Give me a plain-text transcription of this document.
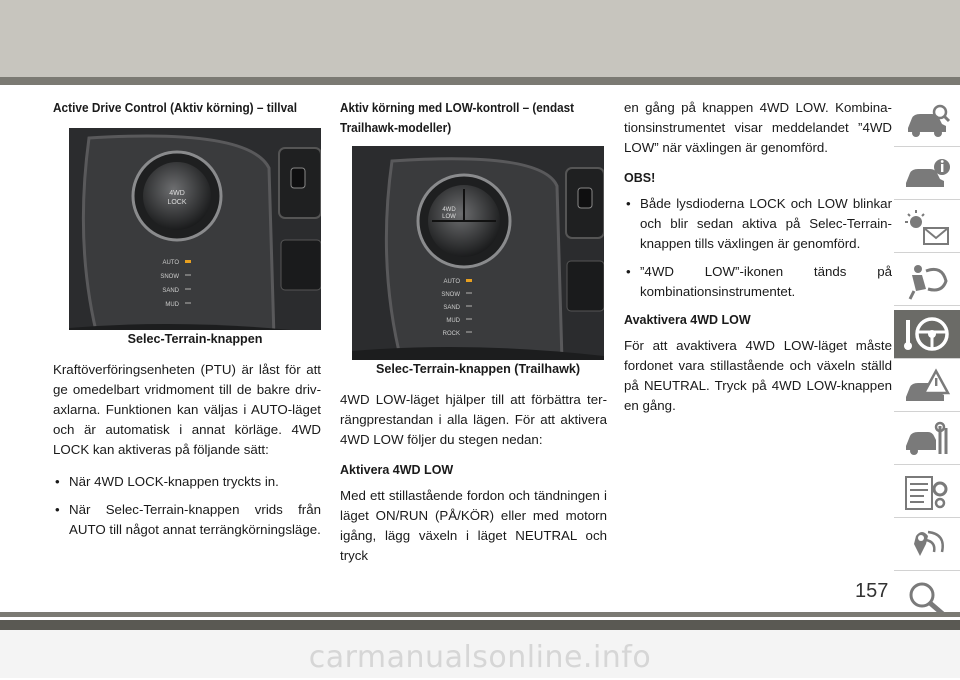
Active Drive Control (Aktiv körning) – tillval
4WD
LOCK
AUTO
SNOW
SAND
MUD
Selec-Terrain-knappen

Kraftöverföringsenheten (PTU) är låst för att ge omedelbart vridmoment till de bakre driv-axlarna. Funktionen kan väljas i AUTO-läget och är automatisk i annat körläge. 4WD LOCK kan aktiveras på följande sätt:

• När 4WD LOCK-knappen tryckts in.
• När Selec-Terrain-knappen vrids från AUTO till något annat terrängkörningsläge.
Aktiv körning med LOW-kontroll – (endast
Trailhawk-modeller)
4WD
LOW
AUTO
SNOW
SAND
MUD
ROCK
Selec-Terrain-knappen (Trailhawk)

4WD LOW-läget hjälper till att förbättra ter-rängprestandan i alla lägen. För att aktivera 4WD LOW följer du stegen nedan:

Aktivera 4WD LOW

Med ett stillastående fordon och tändningen i läget ON/RUN (PÅ/KÖR) eller med motorn igång, lägg växeln i läget NEUTRAL och tryck

en gång på knappen 4WD LOW. Kombina-tionsinstrumentet visar meddelandet ”4WD LOW” när växlingen är genomförd.

OBS!
• Både lysdioderna LOCK och LOW blinkar och blir sedan aktiva på Selec-Terrain-knappen tills växlingen är genomförd.
• ”4WD LOW”-ikonen tänds på kombinationsinstrumentet.
Avaktivera 4WD LOW

För att avaktivera 4WD LOW-läget måste fordonet vara stillastående och växeln ställd på NEUTRAL. Tryck på 4WD LOW-knappen en gång.

157
carmanualsonline.info
